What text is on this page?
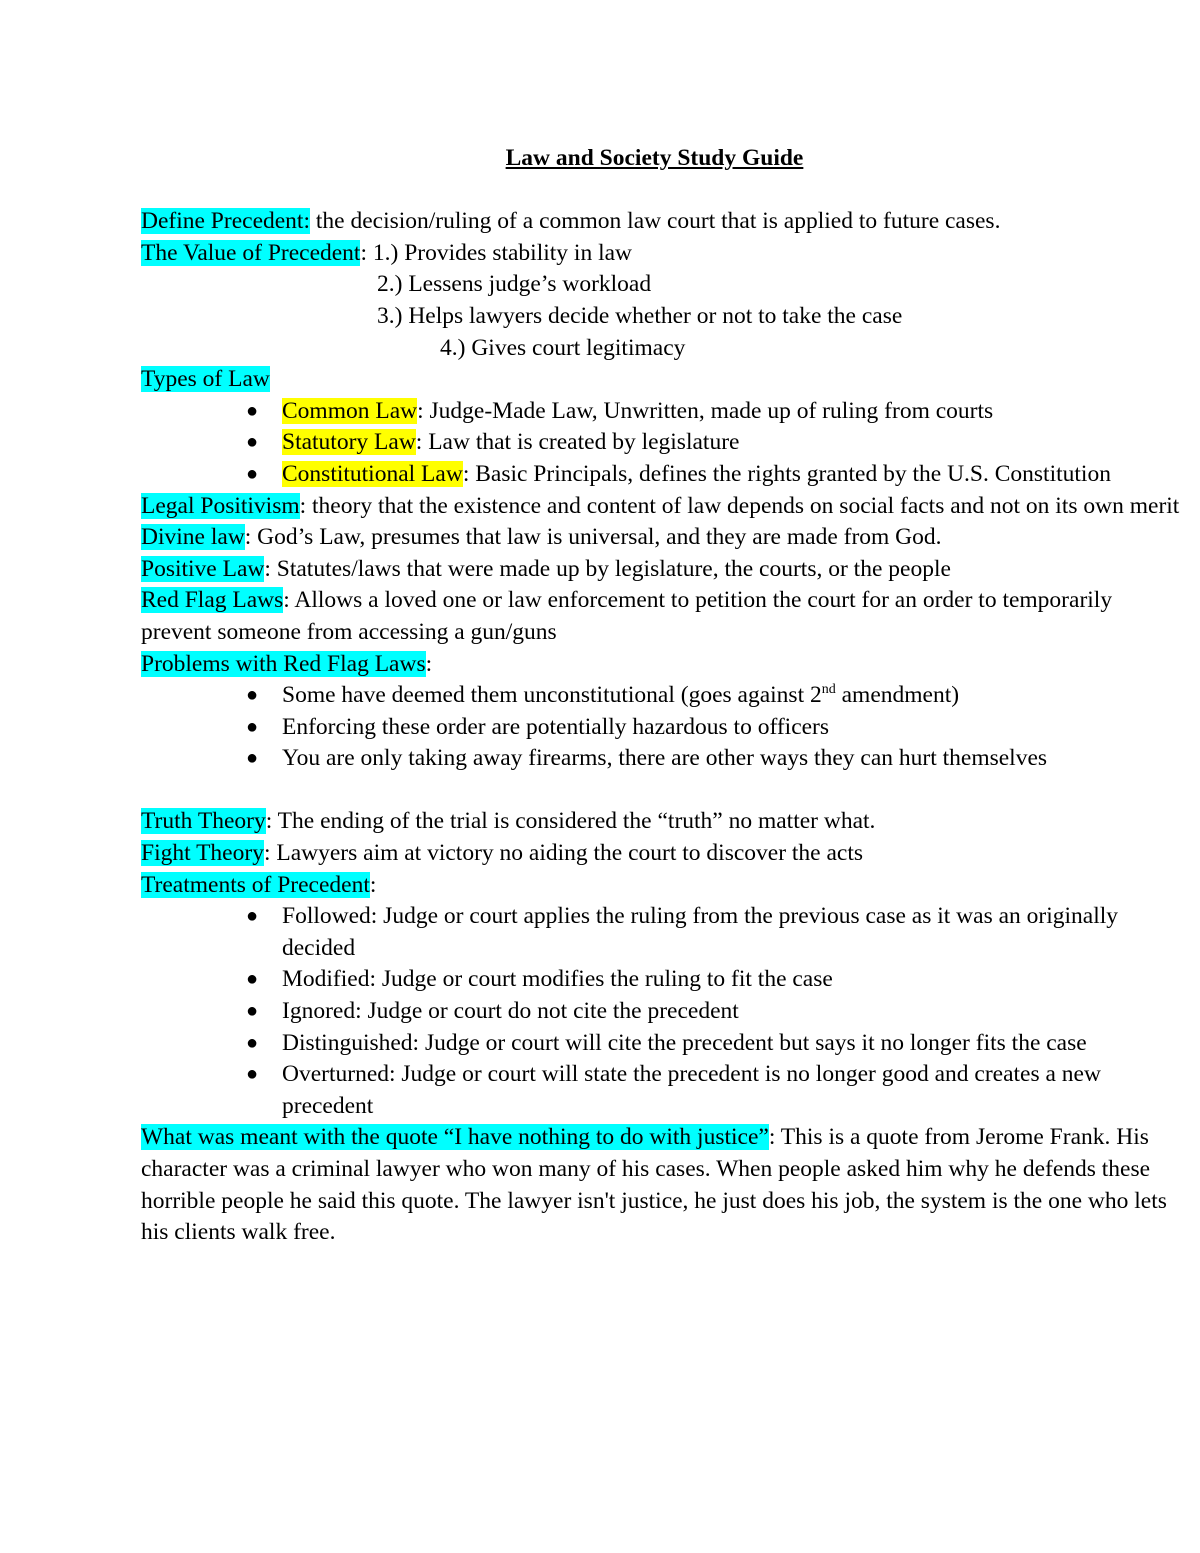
Law and Society Study Guide

Define Precedent: the decision/ruling of a common law court that is applied to future cases.

The Value of Precedent: 1.) Provides stability in law

2.) Lessens judge’s workload

3.) Helps lawyers decide whether or not to take the case

4.) Gives court legitimacy

Types of Law

● Common Law: Judge-Made Law, Unwritten, made up of ruling from courts
● Statutory Law: Law that is created by legislature
● Constitutional Law: Basic Principals, defines the rights granted by the U.S. Constitution

Legal Positivism: theory that the existence and content of law depends on social facts and not on its own merit

Divine law: God’s Law, presumes that law is universal, and they are made from God.

Positive Law: Statutes/laws that were made up by legislature, the courts, or the people

Red Flag Laws: Allows a loved one or law enforcement to petition the court for an order to temporarily prevent someone from accessing a gun/guns

Problems with Red Flag Laws:

● Some have deemed them unconstitutional (goes against 2nd amendment)
● Enforcing these order are potentially hazardous to officers
● You are only taking away firearms, there are other ways they can hurt themselves

Truth Theory: The ending of the trial is considered the “truth” no matter what.

Fight Theory: Lawyers aim at victory no aiding the court to discover the acts

Treatments of Precedent:

● Followed: Judge or court applies the ruling from the previous case as it was an originally decided
● Modified: Judge or court modifies the ruling to fit the case
● Ignored: Judge or court do not cite the precedent
● Distinguished: Judge or court will cite the precedent but says it no longer fits the case
● Overturned: Judge or court will state the precedent is no longer good and creates a new precedent

What was meant with the quote “I have nothing to do with justice”: This is a quote from Jerome Frank. His character was a criminal lawyer who won many of his cases. When people asked him why he defends these horrible people he said this quote. The lawyer isn't justice, he just does his job, the system is the one who lets his clients walk free.
